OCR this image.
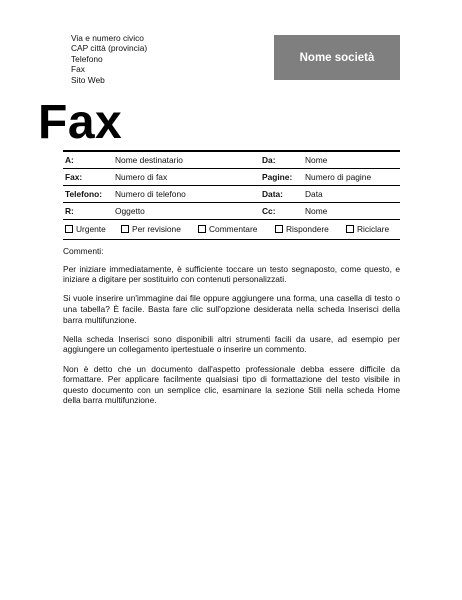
Via e numero civico
CAP città (provincia)
Telefono
Fax
Sito Web
Nome società
Fax
A:	Nome destinatario	Da:	Nome
Fax:	Numero di fax	Pagine: Numero di pagine
Telefono: Numero di telefono	Data:	Data
R:	Oggetto	Cc:	Nome
Urgente	Per revisione	Commentare	Rispondere	Riciclare

Commenti:

Per iniziare immediatamente, è sufficiente toccare un testo segnaposto, come questo, e iniziare a digitare per sostituirlo con contenuti personalizzati.

Si vuole inserire un'immagine dai file oppure aggiungere una forma, una casella di testo o una tabella? È facile. Basta fare clic sull'opzione desiderata nella scheda Inserisci della barra multifunzione.

Nella scheda Inserisci sono disponibili altri strumenti facili da usare, ad esempio per aggiungere un collegamento ipertestuale o inserire un commento.

Non è detto che un documento dall'aspetto professionale debba essere difficile da formattare. Per applicare facilmente qualsiasi tipo di formattazione del testo visibile in questo documento con un semplice clic, esaminare la sezione Stili nella scheda Home della barra multifunzione.
